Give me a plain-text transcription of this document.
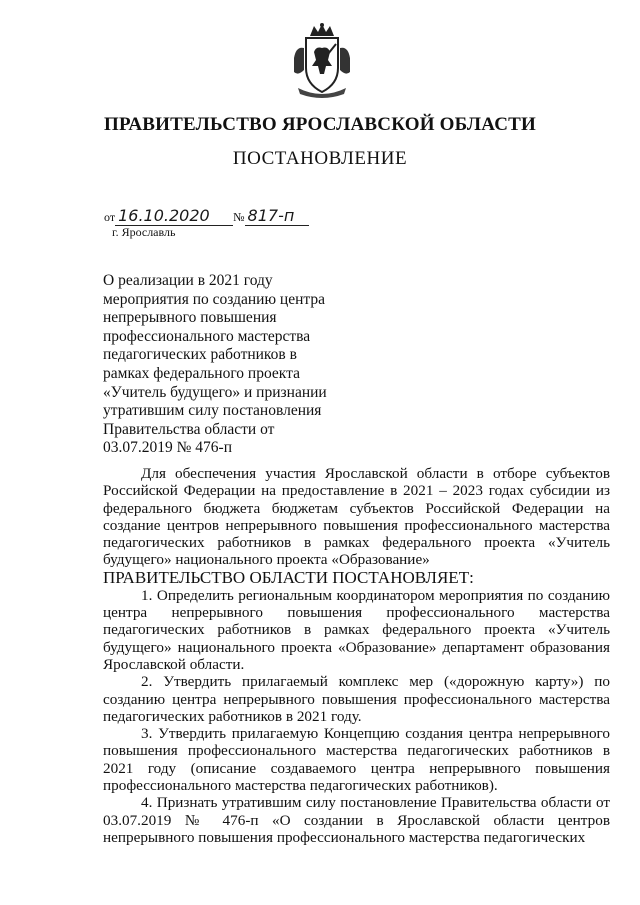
ПРАВИТЕЛЬСТВО ЯРОСЛАВСКОЙ ОБЛАСТИ
ПОСТАНОВЛЕНИЕ
от 16.10.2020	№ 817-п
г. Ярославль
О реализации в 2021 году
мероприятия по созданию центра
непрерывного повышения
профессионального мастерства
педагогических работников в
рамках федерального проекта
«Учитель будущего» и признании
утратившим силу постановления
Правительства области от
03.07.2019 № 476-п

Для обеспечения участия Ярославской области в отборе субъектов Российской Федерации на предоставление в 2021 – 2023 годах субсидии из федерального бюджета бюджетам субъектов Российской Федерации на создание центров непрерывного повышения профессионального мастерства педагогических работников в рамках федерального проекта «Учитель будущего» национального проекта «Образование»

ПРАВИТЕЛЬСТВО ОБЛАСТИ ПОСТАНОВЛЯЕТ:

1. Определить региональным координатором мероприятия по созданию центра непрерывного повышения профессионального мастерства педагогических работников в рамках федерального проекта «Учитель будущего» национального проекта «Образование» департамент образования Ярославской области.

2. Утвердить прилагаемый комплекс мер («дорожную карту») по созданию центра непрерывного повышения профессионального мастерства педагогических работников в 2021 году.

3. Утвердить прилагаемую Концепцию создания центра непрерывного повышения профессионального мастерства педагогических работников в 2021 году (описание создаваемого центра непрерывного повышения профессионального мастерства педагогических работников).

4. Признать утратившим силу постановление Правительства области от 03.07.2019 № 476-п «О создании в Ярославской области центров непрерывного повышения профессионального мастерства педагогических
